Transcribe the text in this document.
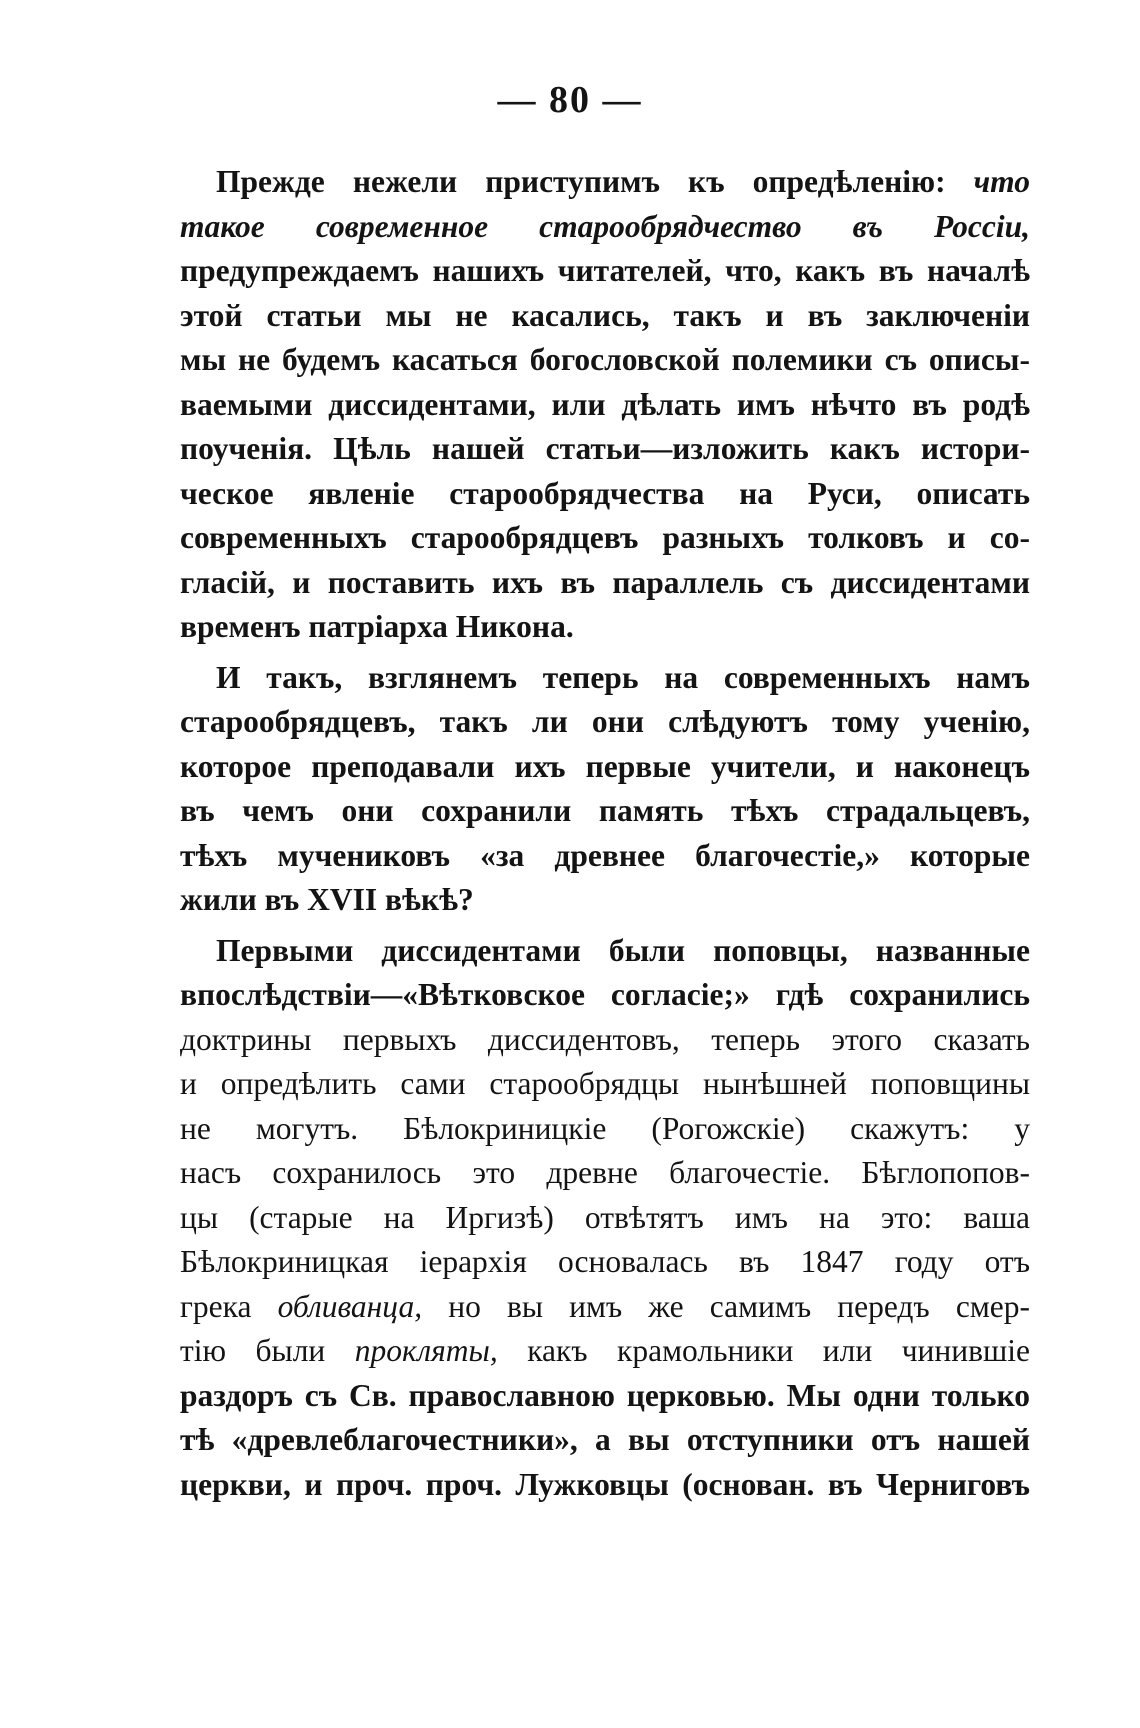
— 80 —

Прежде нежели приступимъ къ опредѣленію: что
такое современное старообрядчество въ Россіи,
предупреждаемъ нашихъ читателей, что, какъ въ началѣ
этой статьи мы не касались, такъ и въ заключеніи
мы не будемъ касаться богословской полемики съ описы-
ваемыми диссидентами, или дѣлать имъ нѣчто въ родѣ
поученія. Цѣль нашей статьи—изложить какъ истори-
ческое явленіе старообрядчества на Руси, описать
современныхъ старообрядцевъ разныхъ толковъ и со-
гласій, и поставить ихъ въ параллель съ диссидентами
временъ патріарха Никона.
И такъ, взглянемъ теперь на современныхъ намъ
старообрядцевъ, такъ ли они слѣдуютъ тому ученію,
которое преподавали ихъ первые учители, и наконецъ
въ чемъ они сохранили память тѣхъ страдальцевъ,
тѣхъ мучениковъ «за древнее благочестіе,» которые
жили въ XVII вѣкѣ?
Первыми диссидентами были поповцы, названные
впослѣдствіи—«Вѣтковское согласіе;» гдѣ сохранились
доктрины первыхъ диссидентовъ, теперь этого сказать
и опредѣлить сами старообрядцы нынѣшней поповщины
не могутъ. Бѣлокриницкіе (Рогожскіе) скажутъ: у
насъ сохранилось это древне благочестіе. Бѣглопопов-
цы (старые на Иргизѣ) отвѣтятъ имъ на это: ваша
Бѣлокриницкая іерархія основалась въ 1847 году отъ
грека обливанца, но вы имъ же самимъ передъ смер-
тію были прокляты, какъ крамольники или чинившіе
раздоръ съ Св. православною церковью. Мы одни только
тѣ «древлеблагочестники», а вы отступники отъ нашей
церкви, и проч. проч. Лужковцы (основан. въ Черниговъ
